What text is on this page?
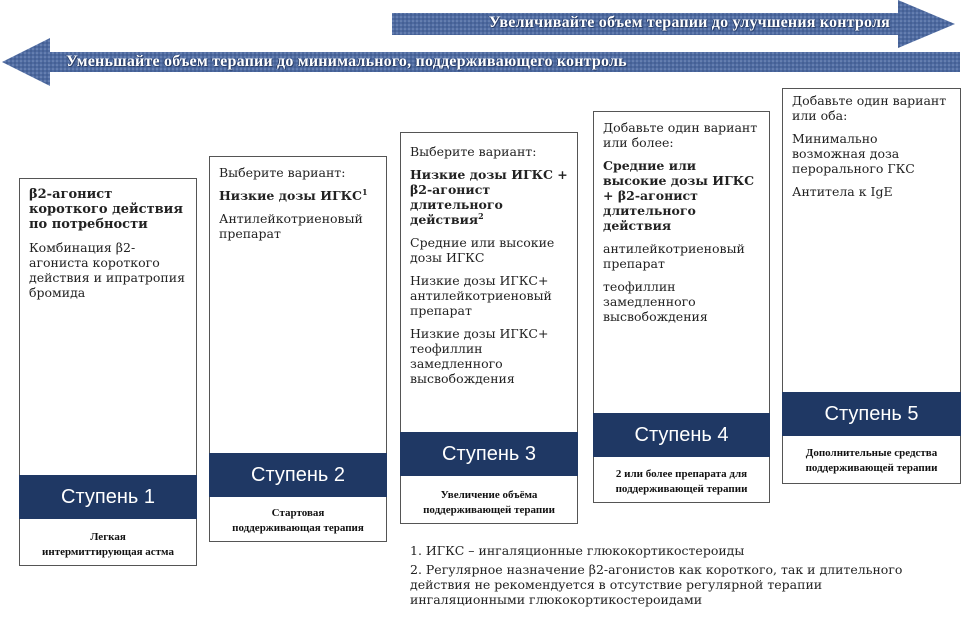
Увеличивайте объем терапии до улучшения контроля
Уменьшайте объем терапии до минимального, поддерживающего контроль
β2-агонист короткого действия по потребности
Комбинация β2-агониста короткого действия и ипратропия бромида
Ступень 1
Легкая
интермиттирующая астма
Выберите вариант:
Низкие дозы ИГКС$^1$
Антилейкотриеновый препарат
Ступень 2
Стартовая
поддерживающая терапия
Выберите вариант:
Низкие дозы ИГКС + β2-агонист длительного действия$^2$
Средние или высокие дозы ИГКС
Низкие дозы ИГКС+ антилейкотриеновый препарат
Низкие дозы ИГКС+ теофиллин замедленного высвобождения
Ступень 3
Увеличение объёма
поддерживающей терапии
Добавьте один вариант или более:
Средние или высокие дозы ИГКС + β2-агонист длительного действия
антилейкотриеновый препарат
теофиллин замедленного высвобождения
Ступень 4
2 или более препарата для
поддерживающей терапии
Добавьте один вариант или оба:
Минимально возможная доза перорального ГКС
Антитела к IgE
Ступень 5
Дополнительные средства
поддерживающей терапии
1. ИГКС – ингаляционные глюкокортикостероиды
2. Регулярное назначение β2-агонистов как короткого, так и длительного действия не рекомендуется в отсутствие регулярной терапии ингаляционными глюкокортикостероидами
